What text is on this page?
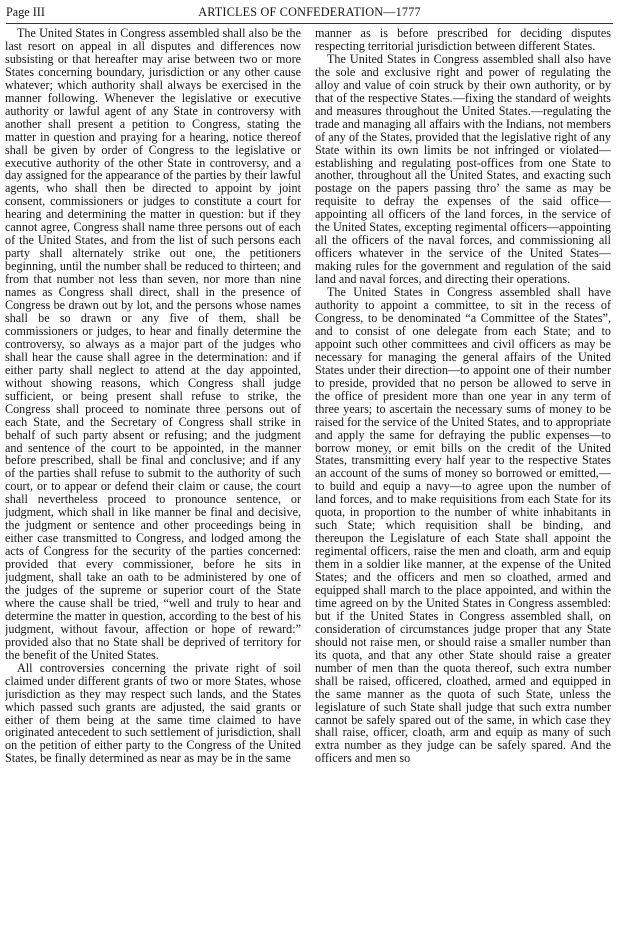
Page III	ARTICLES OF CONFEDERATION—1777

The United States in Congress assembled shall also be the last resort on appeal in all disputes and differences now subsisting or that hereafter may arise between two or more States concerning boundary, jurisdiction or any other cause whatever; which authority shall always be exercised in the manner following. Whenever the legislative or executive authority or lawful agent of any State in controversy with another shall present a petition to Congress, stating the matter in question and praying for a hearing, notice thereof shall be given by order of Congress to the legislative or executive authority of the other State in controversy, and a day assigned for the appearance of the parties by their lawful agents, who shall then be directed to appoint by joint consent, commissioners or judges to constitute a court for hearing and determining the matter in question: but if they cannot agree, Congress shall name three persons out of each of the United States, and from the list of such persons each party shall alternately strike out one, the petitioners beginning, until the number shall be reduced to thirteen; and from that number not less than seven, nor more than nine names as Congress shall direct, shall in the presence of Congress be drawn out by lot, and the persons whose names shall be so drawn or any five of them, shall be commissioners or judges, to hear and finally determine the controversy, so always as a major part of the judges who shall hear the cause shall agree in the determination: and if either party shall neglect to attend at the day appointed, without showing reasons, which Congress shall judge sufficient, or being present shall refuse to strike, the Congress shall proceed to nominate three persons out of each State, and the Secretary of Congress shall strike in behalf of such party absent or refusing; and the judgment and sentence of the court to be appointed, in the manner before prescribed, shall be final and conclusive; and if any of the parties shall refuse to submit to the authority of such court, or to appear or defend their claim or cause, the court shall nevertheless proceed to pronounce sentence, or judgment, which shall in like manner be final and decisive, the judgment or sentence and other proceedings being in either case transmitted to Congress, and lodged among the acts of Congress for the security of the parties concerned: provided that every commissioner, before he sits in judgment, shall take an oath to be administered by one of the judges of the supreme or superior court of the State where the cause shall be tried, “well and truly to hear and determine the matter in question, according to the best of his judgment, without favour, affection or hope of reward:” provided also that no State shall be deprived of territory for the benefit of the United States.

All controversies concerning the private right of soil claimed under different grants of two or more States, whose jurisdiction as they may respect such lands, and the States which passed such grants are adjusted, the said grants or either of them being at the same time claimed to have originated antecedent to such settlement of jurisdiction, shall on the petition of either party to the Congress of the United States, be finally determined as near as may be in the same

manner as is before prescribed for deciding disputes respecting territorial jurisdiction between different States.

The United States in Congress assembled shall also have the sole and exclusive right and power of regulating the alloy and value of coin struck by their own authority, or by that of the respective States.—fixing the standard of weights and measures throughout the United States.—regulating the trade and managing all affairs with the Indians, not members of any of the States, provided that the legislative right of any State within its own limits be not infringed or violated—establishing and regulating post-offices from one State to another, throughout all the United States, and exacting such postage on the papers passing thro’ the same as may be requisite to defray the expenses of the said office—appointing all officers of the land forces, in the service of the United States, excepting regimental officers—appointing all the officers of the naval forces, and commissioning all officers whatever in the service of the United States—making rules for the government and regulation of the said land and naval forces, and directing their operations.

The United States in Congress assembled shall have authority to appoint a committee, to sit in the recess of Congress, to be denominated “a Committee of the States”, and to consist of one delegate from each State; and to appoint such other committees and civil officers as may be necessary for managing the general affairs of the United States under their direction—to appoint one of their number to preside, provided that no person be allowed to serve in the office of president more than one year in any term of three years; to ascertain the necessary sums of money to be raised for the service of the United States, and to appropriate and apply the same for defraying the public expenses—to borrow money, or emit bills on the credit of the United States, transmitting every half year to the respective States an account of the sums of money so borrowed or emitted,—to build and equip a navy—to agree upon the number of land forces, and to make requisitions from each State for its quota, in proportion to the number of white inhabitants in such State; which requisition shall be binding, and thereupon the Legislature of each State shall appoint the regimental officers, raise the men and cloath, arm and equip them in a soldier like manner, at the expense of the United States; and the officers and men so cloathed, armed and equipped shall march to the place appointed, and within the time agreed on by the United States in Congress assembled: but if the United States in Congress assembled shall, on consideration of circumstances judge proper that any State should not raise men, or should raise a smaller number than its quota, and that any other State should raise a greater number of men than the quota thereof, such extra number shall be raised, officered, cloathed, armed and equipped in the same manner as the quota of such State, unless the legislature of such State shall judge that such extra number cannot be safely spared out of the same, in which case they shall raise, officer, cloath, arm and equip as many of such extra number as they judge can be safely spared. And the officers and men so
